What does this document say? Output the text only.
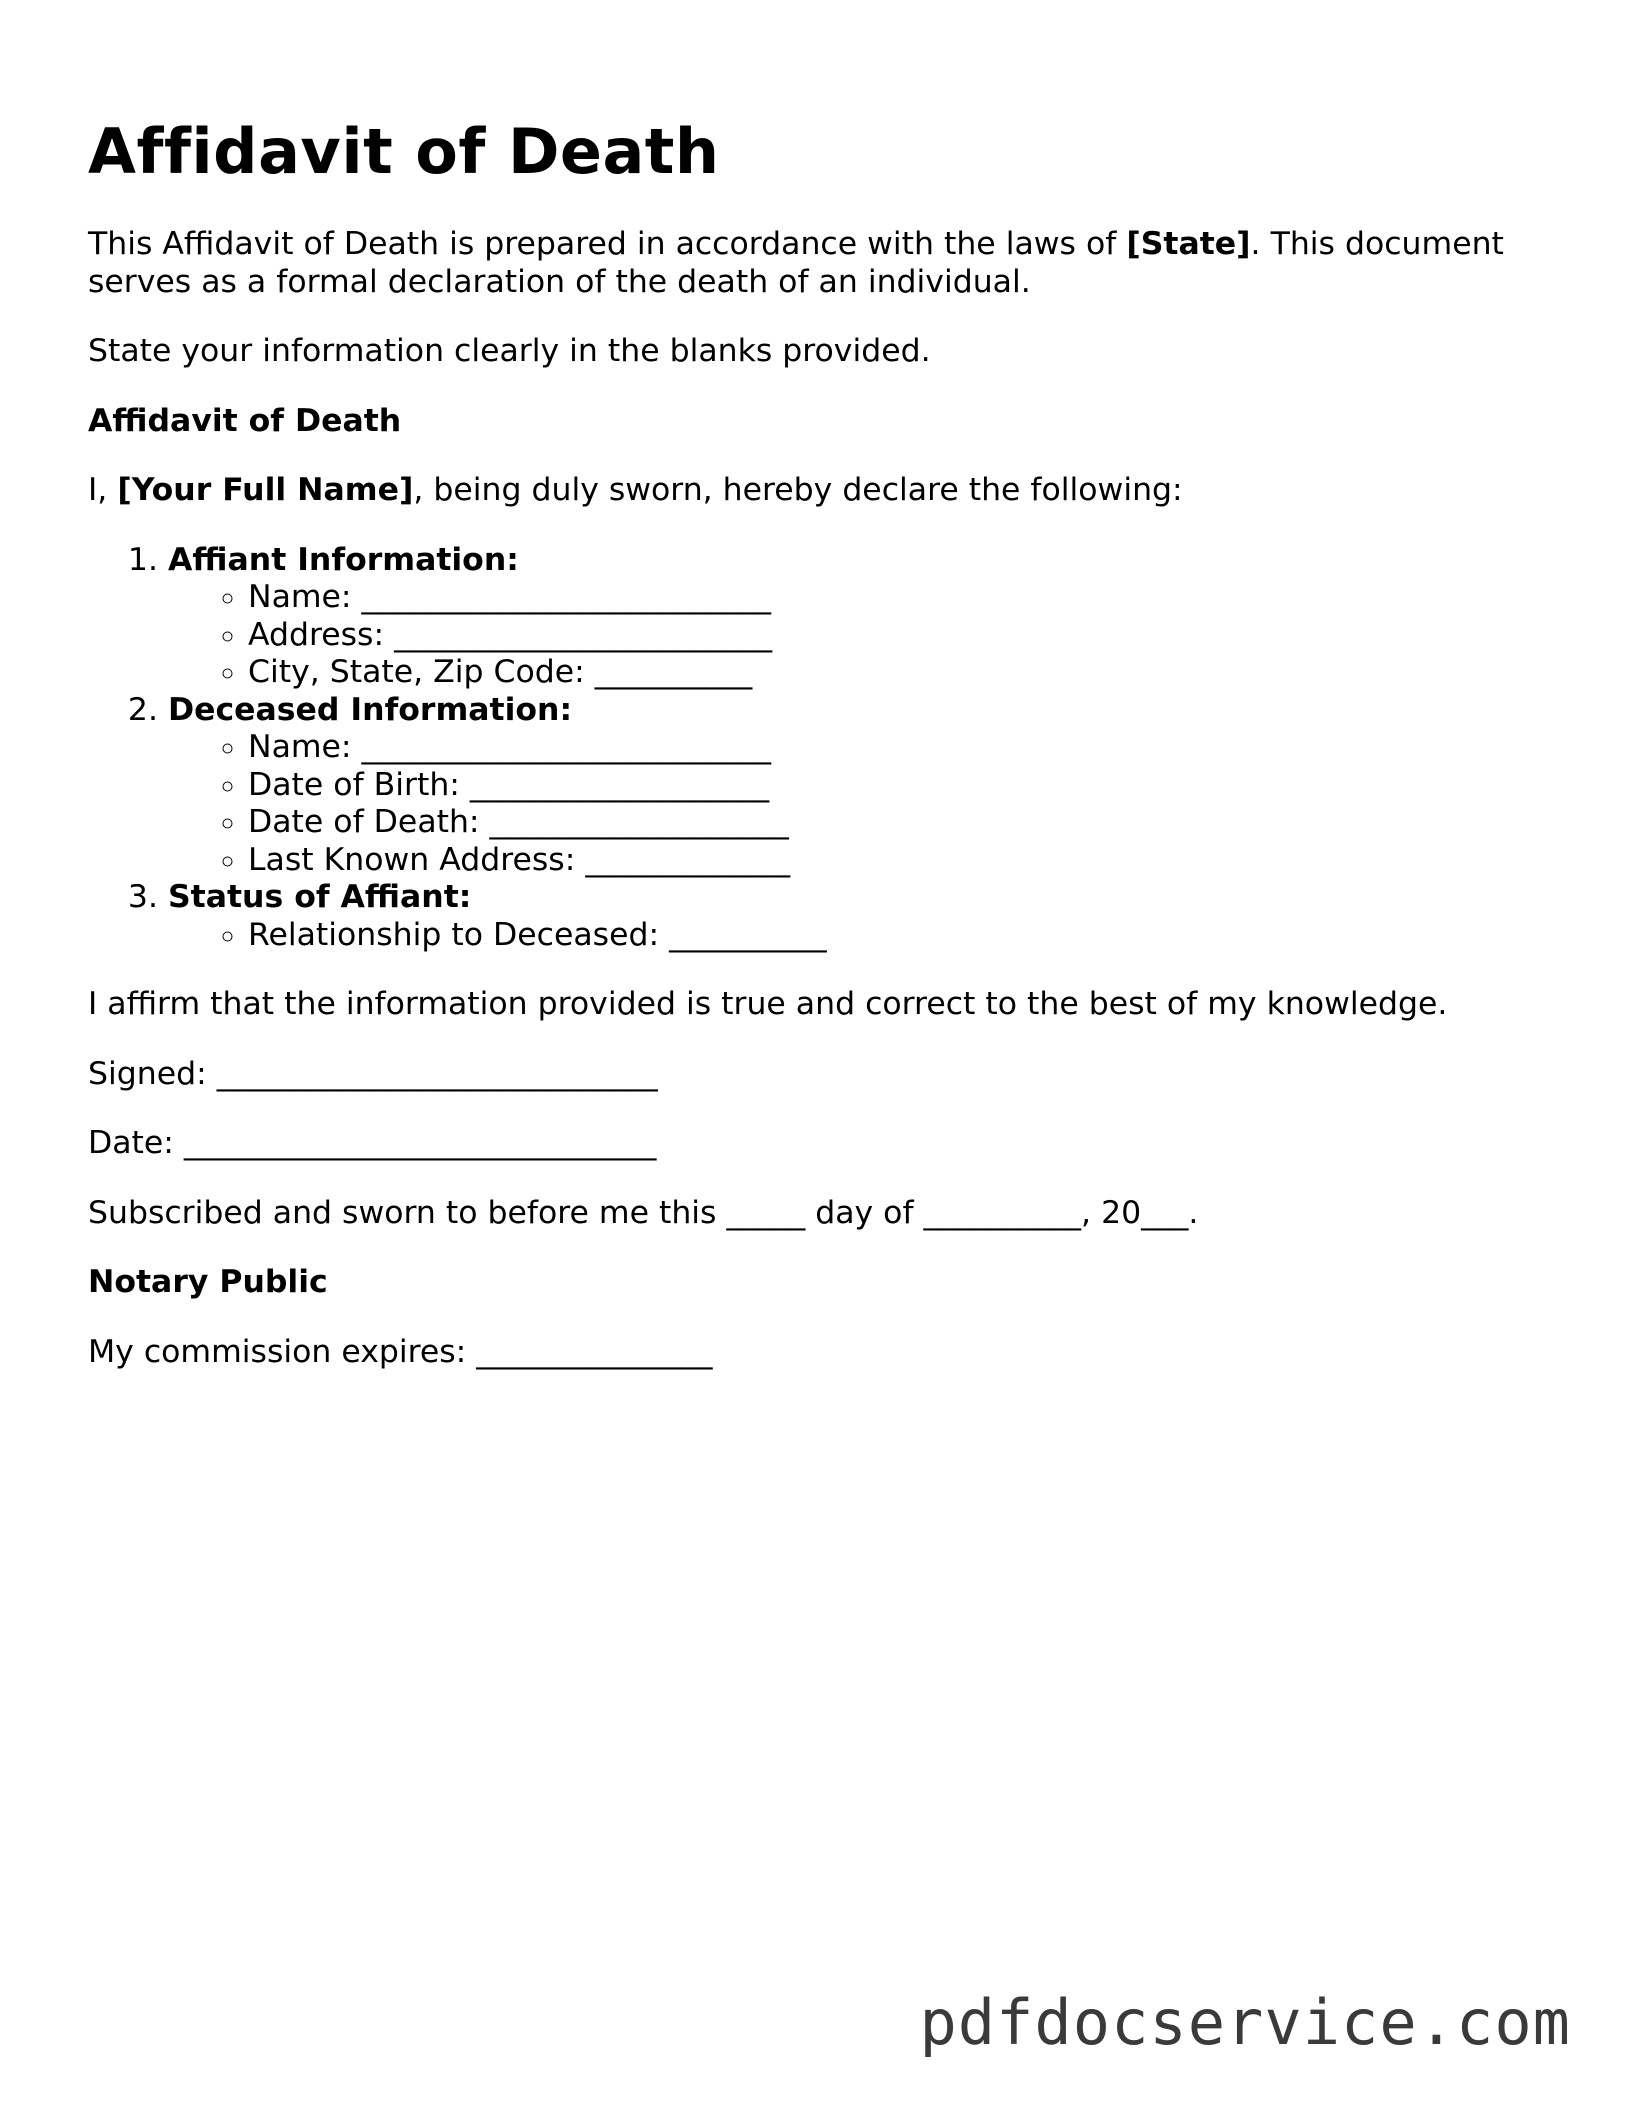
Affidavit of Death

This Affidavit of Death is prepared in accordance with the laws of [State]. This document serves as a formal declaration of the death of an individual.

State your information clearly in the blanks provided.

Affidavit of Death

I, [Your Full Name], being duly sworn, hereby declare the following:

1. Affiant Information:
◦ Name: __________________________
◦ Address: ________________________
◦ City, State, Zip Code: __________
2. Deceased Information:
◦ Name: __________________________
◦ Date of Birth: ___________________
◦ Date of Death: ___________________
◦ Last Known Address: _____________
3. Status of Affiant:
◦ Relationship to Deceased: __________

I affirm that the information provided is true and correct to the best of my knowledge.

Signed: ____________________________

Date: ______________________________

Subscribed and sworn to before me this _____ day of __________, 20___.

Notary Public

My commission expires: _______________

pdfdocservice.com
